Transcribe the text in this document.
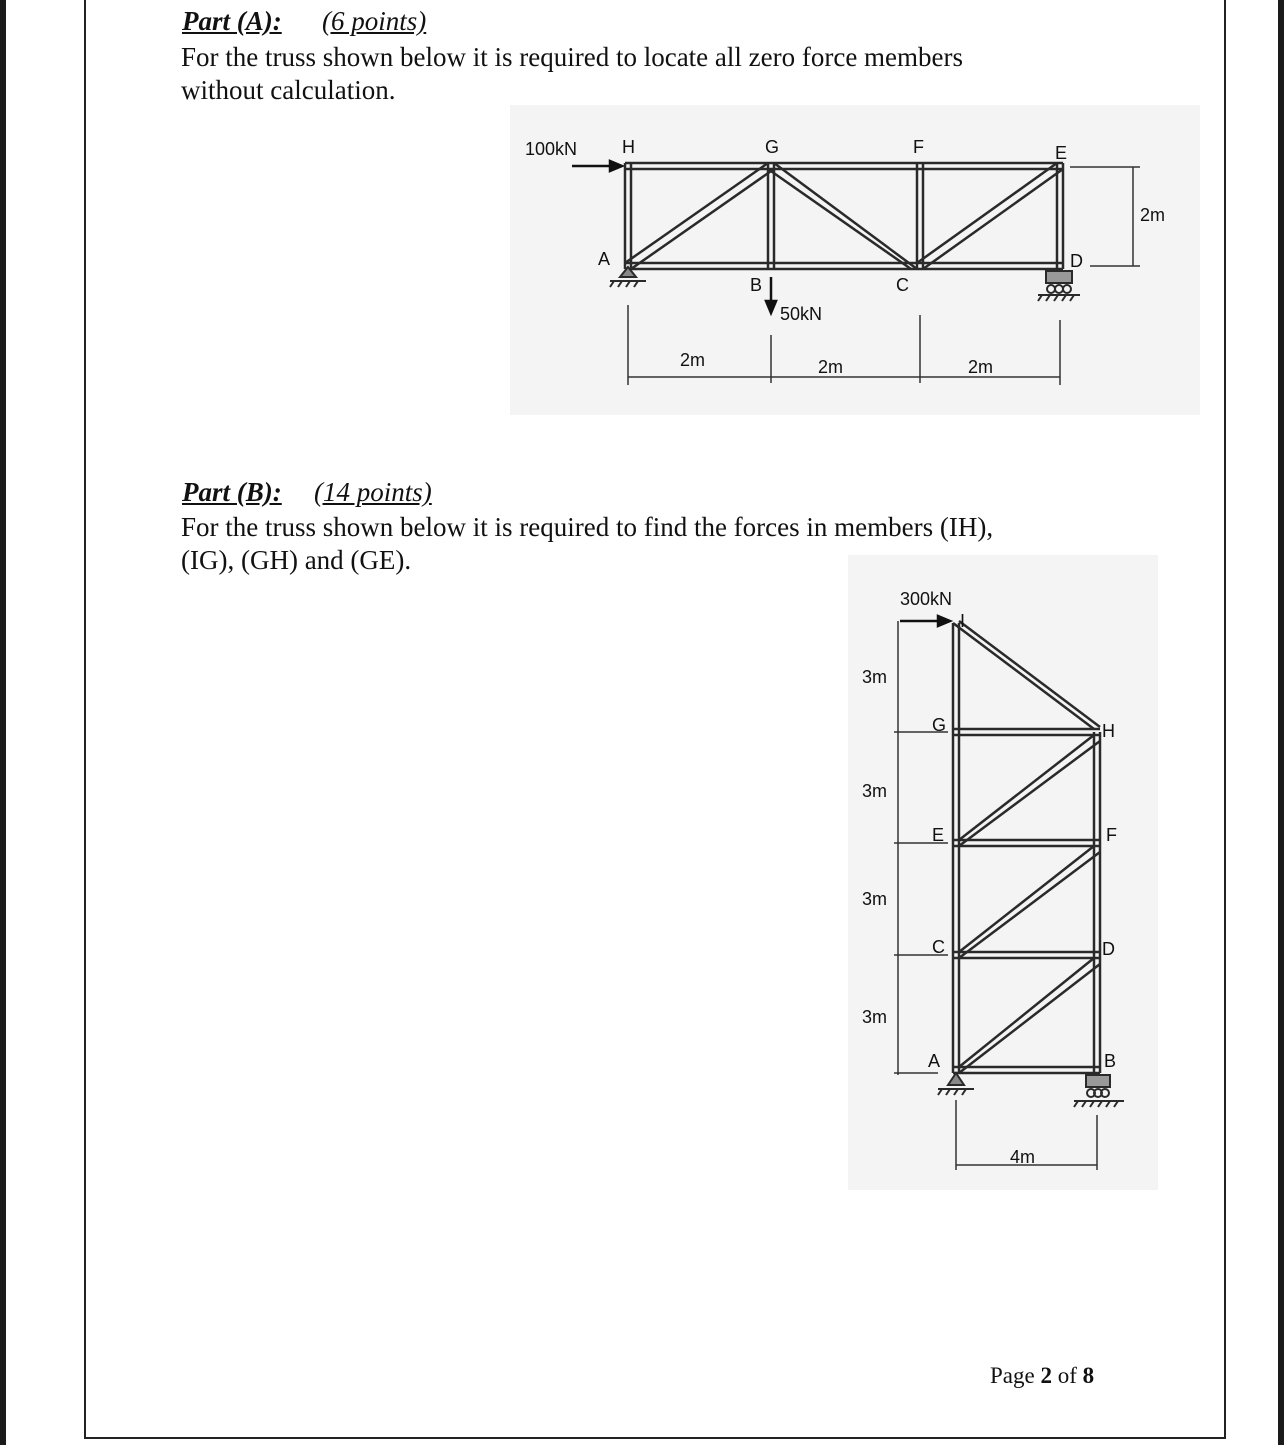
Part (A): (6 points)
For the truss shown below it is required to locate all zero force members
without calculation.
100kN
50kN
H	G	F	E
A
B	C
D
2m	2m	2m
2m
Part (B): (14 points)
For the truss shown below it is required to find the forces in members (IH),
(IG), (GH) and (GE).
300kN
I
G	H
E	F
C	D
A	B
3m
3m
3m
3m
4m
Page 2 of 8
